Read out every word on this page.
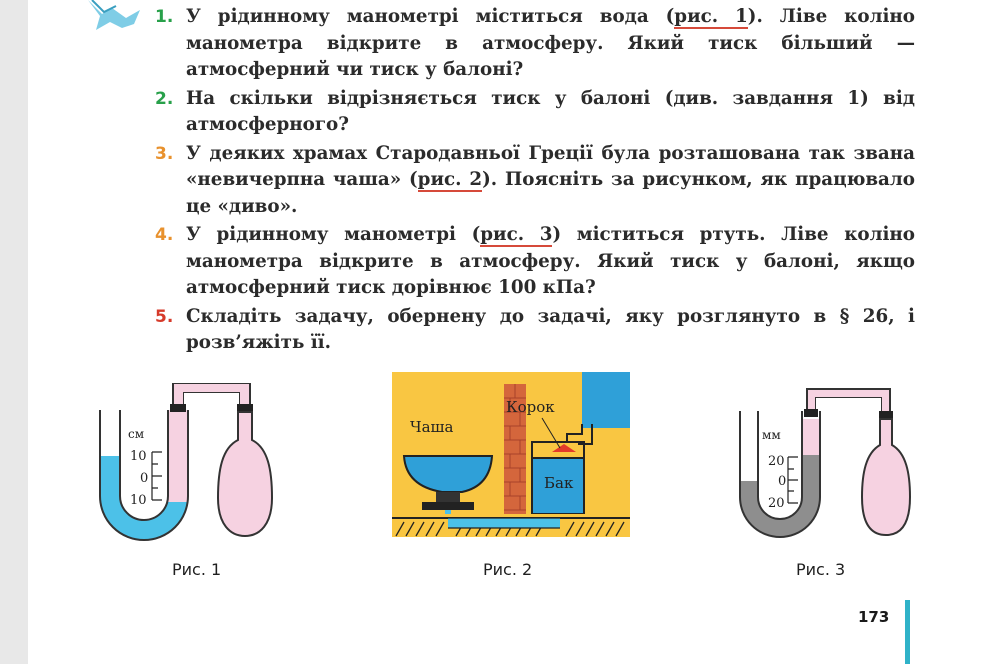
1. У рідинному манометрі міститься вода (рис. 1). Ліве коліно манометра відкрите в атмосферу. Який тиск більший — атмосферний чи тиск у балоні?
2. На скільки відрізняється тиск у балоні (див. завдання 1) від атмосферного?
3. У деяких храмах Стародавньої Греції була розташована так звана «невичерпна чаша» (рис. 2). Поясніть за рисунком, як працювало це «диво».
4. У рідинному манометрі (рис. 3) міститься ртуть. Ліве коліно манометра відкрите в атмосферу. Який тиск у балоні, якщо атмосферний тиск дорівнює 100 кПа?
5. Складіть задачу, обернену до задачі, яку розглянуто в § 26, і розв’яжіть її.
см
10
0
10
Чаша
Корок
Бак
мм
20
0
20
Рис. 1	Рис. 2	Рис. 3
173
